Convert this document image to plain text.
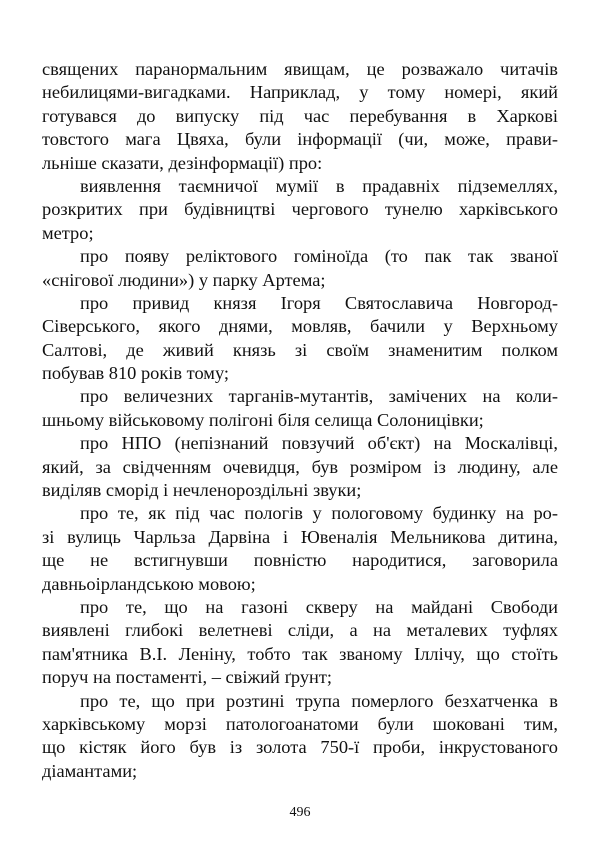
священих паранормальним явищам, це розважало читачів
небилицями-вигадками. Наприклад, у тому номері, який
готувався до випуску під час перебування в Харкові
товстого мага Цвяха, були інформації (чи, може, прави-
льніше сказати, дезінформації) про:
виявлення таємничої мумії в прадавніх підземеллях,
розкритих при будівництві чергового тунелю харківського
метро;
про появу реліктового гоміноїда (то пак так званої
«снігової людини») у парку Артема;
про привид князя Ігоря Святославича Новгород-
Сіверського, якого днями, мовляв, бачили у Верхньому
Салтові, де живий князь зі своїм знаменитим полком
побував 810 років тому;
про величезних тарганів-мутантів, замічених на коли-
шньому військовому полігоні біля селища Солоницівки;
про НПО (непізнаний повзучий об'єкт) на Москалівці,
який, за свідченням очевидця, був розміром із людину, але
виділяв сморід і нечленороздільні звуки;
про те, як під час пологів у пологовому будинку на ро-
зі вулиць Чарльза Дарвіна і Ювеналія Мельникова дитина,
ще не встигнувши повністю народитися, заговорила
давньоірландською мовою;
про те, що на газоні скверу на майдані Свободи
виявлені глибокі велетневі сліди, а на металевих туфлях
пам'ятника В.І. Леніну, тобто так званому Іллічу, що стоїть
поруч на постаменті, – свіжий ґрунт;
про те, що при розтині трупа померлого безхатченка в
харківському морзі патологоанатоми були шоковані тим,
що кістяк його був із золота 750-ї проби, інкрустованого
діамантами;
496
